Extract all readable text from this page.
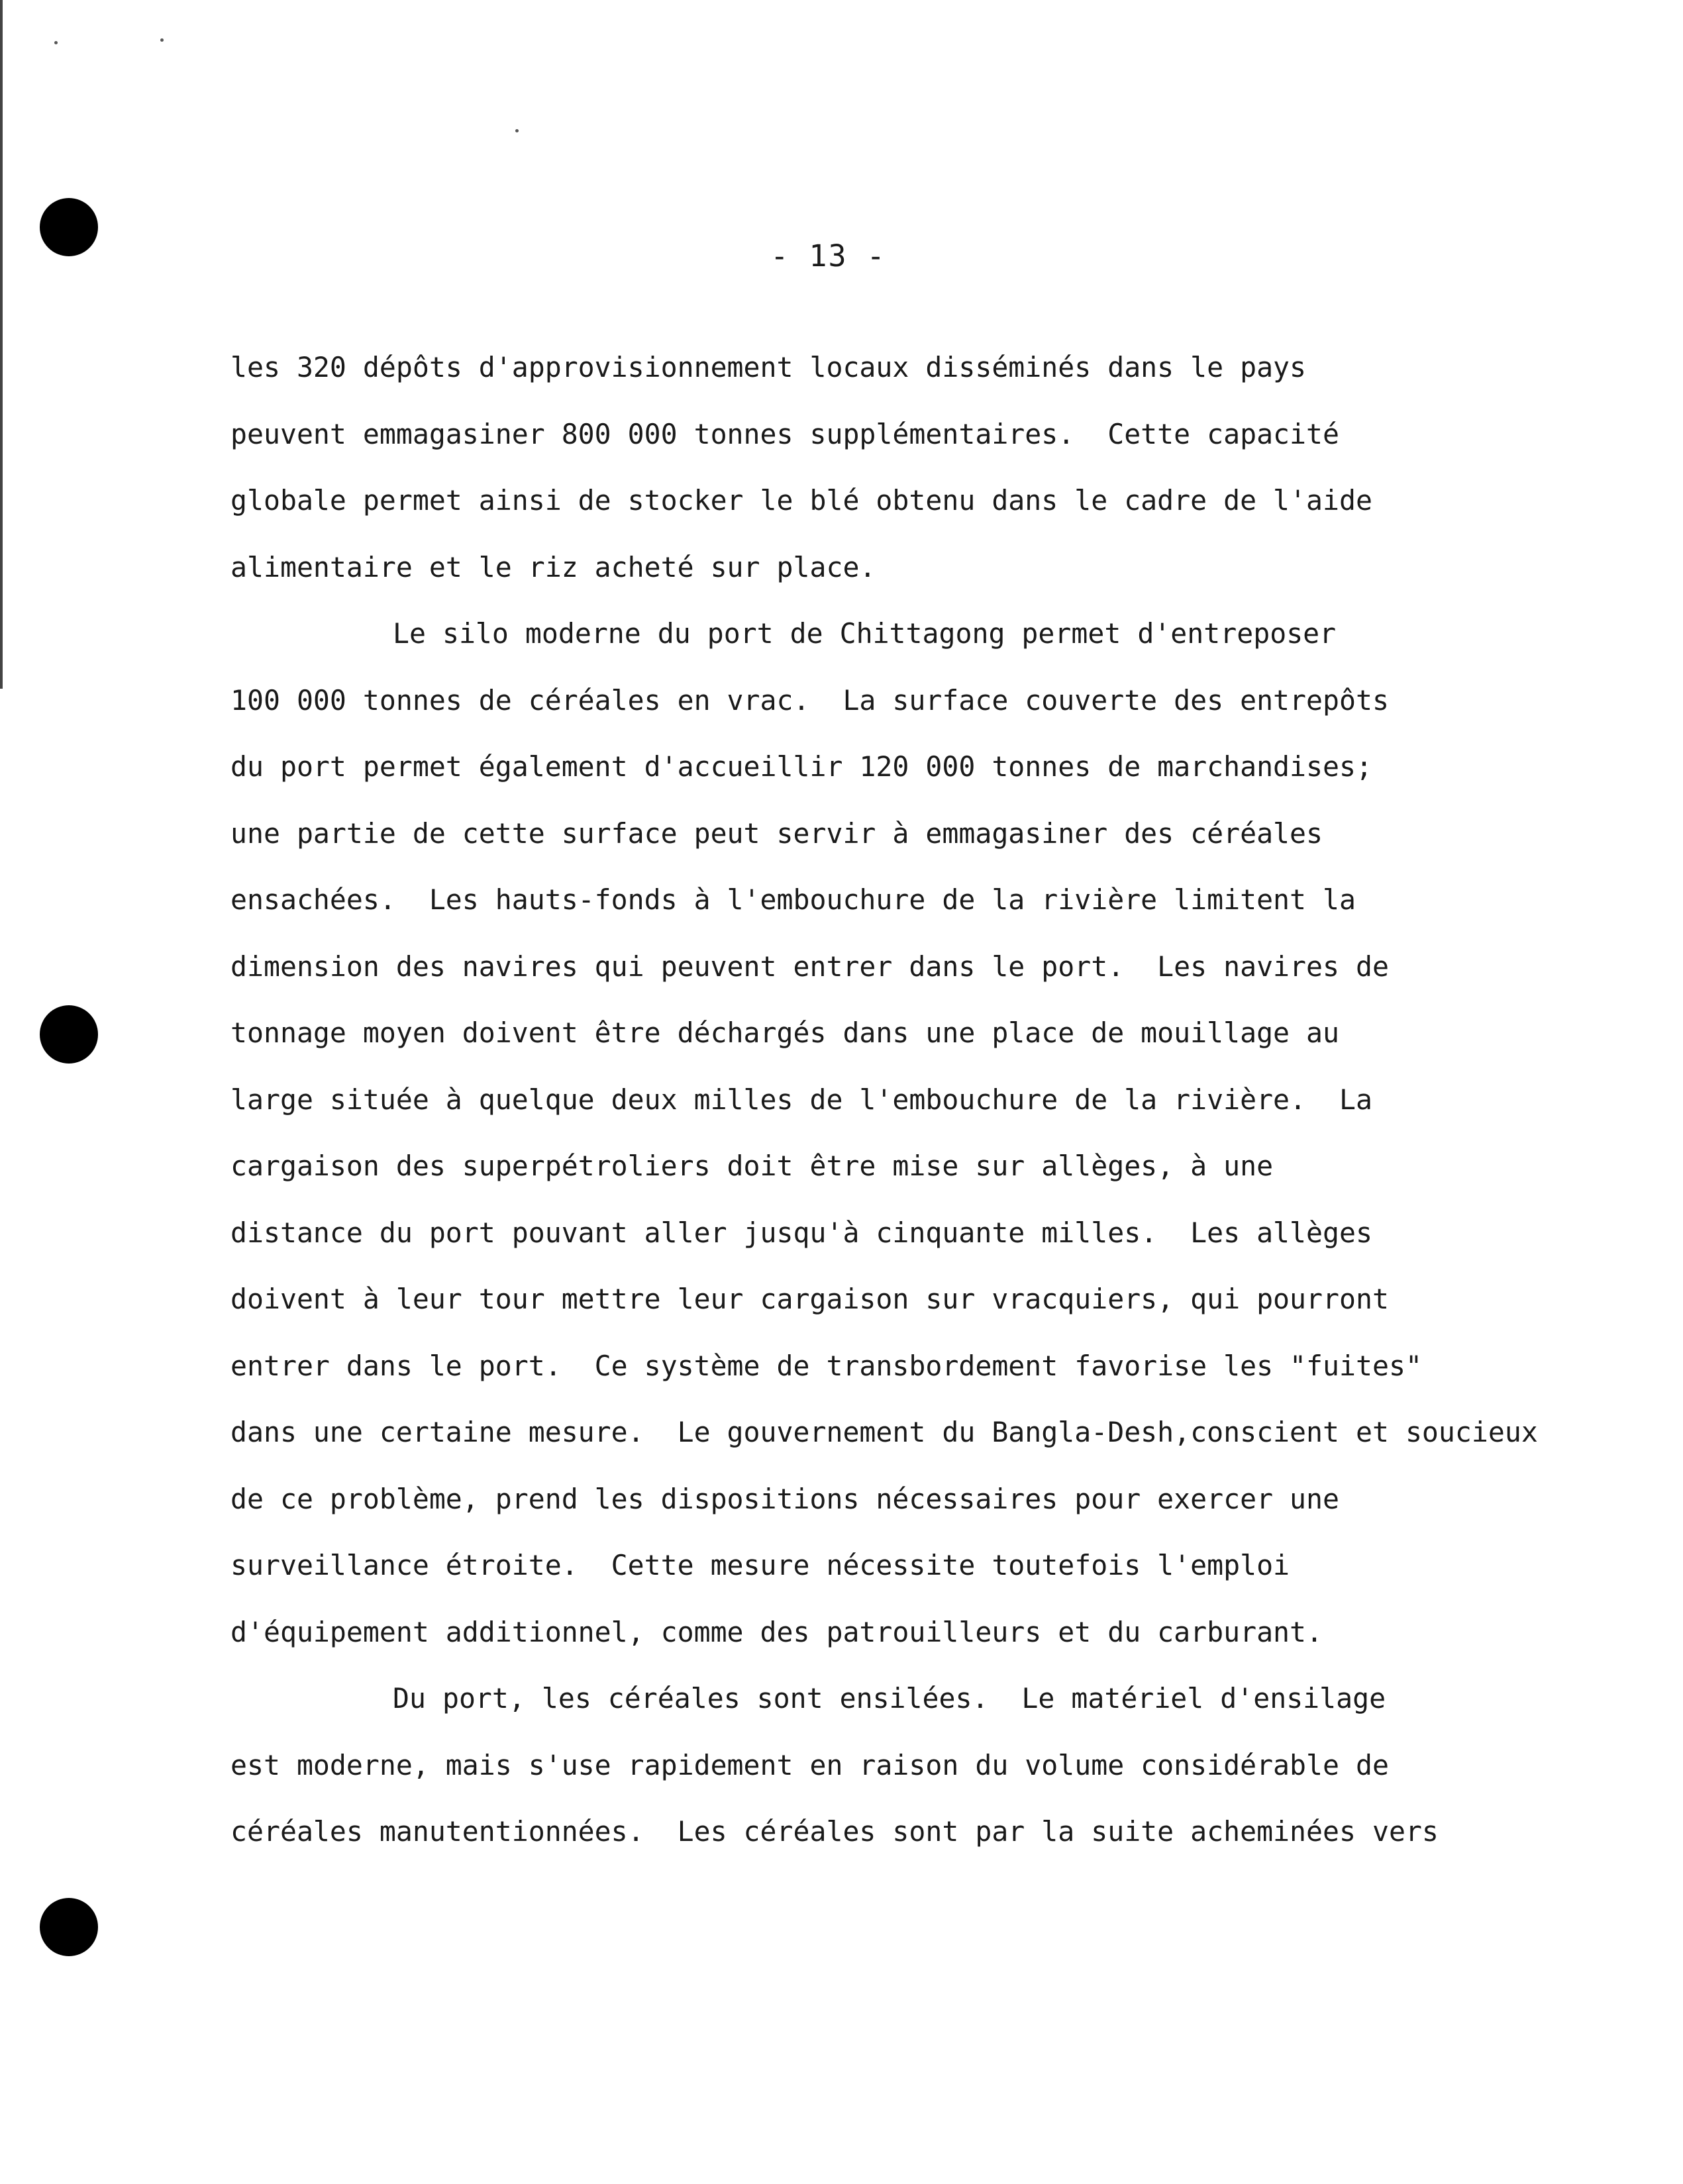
- 13 -
les 320 dépôts d'approvisionnement locaux disséminés dans le pays
peuvent emmagasiner 800 000 tonnes supplémentaires.  Cette capacité
globale permet ainsi de stocker le blé obtenu dans le cadre de l'aide
alimentaire et le riz acheté sur place.
Le silo moderne du port de Chittagong permet d'entreposer
100 000 tonnes de céréales en vrac.  La surface couverte des entrepôts
du port permet également d'accueillir 120 000 tonnes de marchandises;
une partie de cette surface peut servir à emmagasiner des céréales
ensachées.  Les hauts-fonds à l'embouchure de la rivière limitent la
dimension des navires qui peuvent entrer dans le port.  Les navires de
tonnage moyen doivent être déchargés dans une place de mouillage au
large située à quelque deux milles de l'embouchure de la rivière.  La
cargaison des superpétroliers doit être mise sur allèges, à une
distance du port pouvant aller jusqu'à cinquante milles.  Les allèges
doivent à leur tour mettre leur cargaison sur vracquiers, qui pourront
entrer dans le port.  Ce système de transbordement favorise les "fuites"
dans une certaine mesure.  Le gouvernement du Bangla-Desh,conscient et soucieux
de ce problème, prend les dispositions nécessaires pour exercer une
surveillance étroite.  Cette mesure nécessite toutefois l'emploi
d'équipement additionnel, comme des patrouilleurs et du carburant.
Du port, les céréales sont ensilées.  Le matériel d'ensilage
est moderne, mais s'use rapidement en raison du volume considérable de
céréales manutentionnées.  Les céréales sont par la suite acheminées vers
